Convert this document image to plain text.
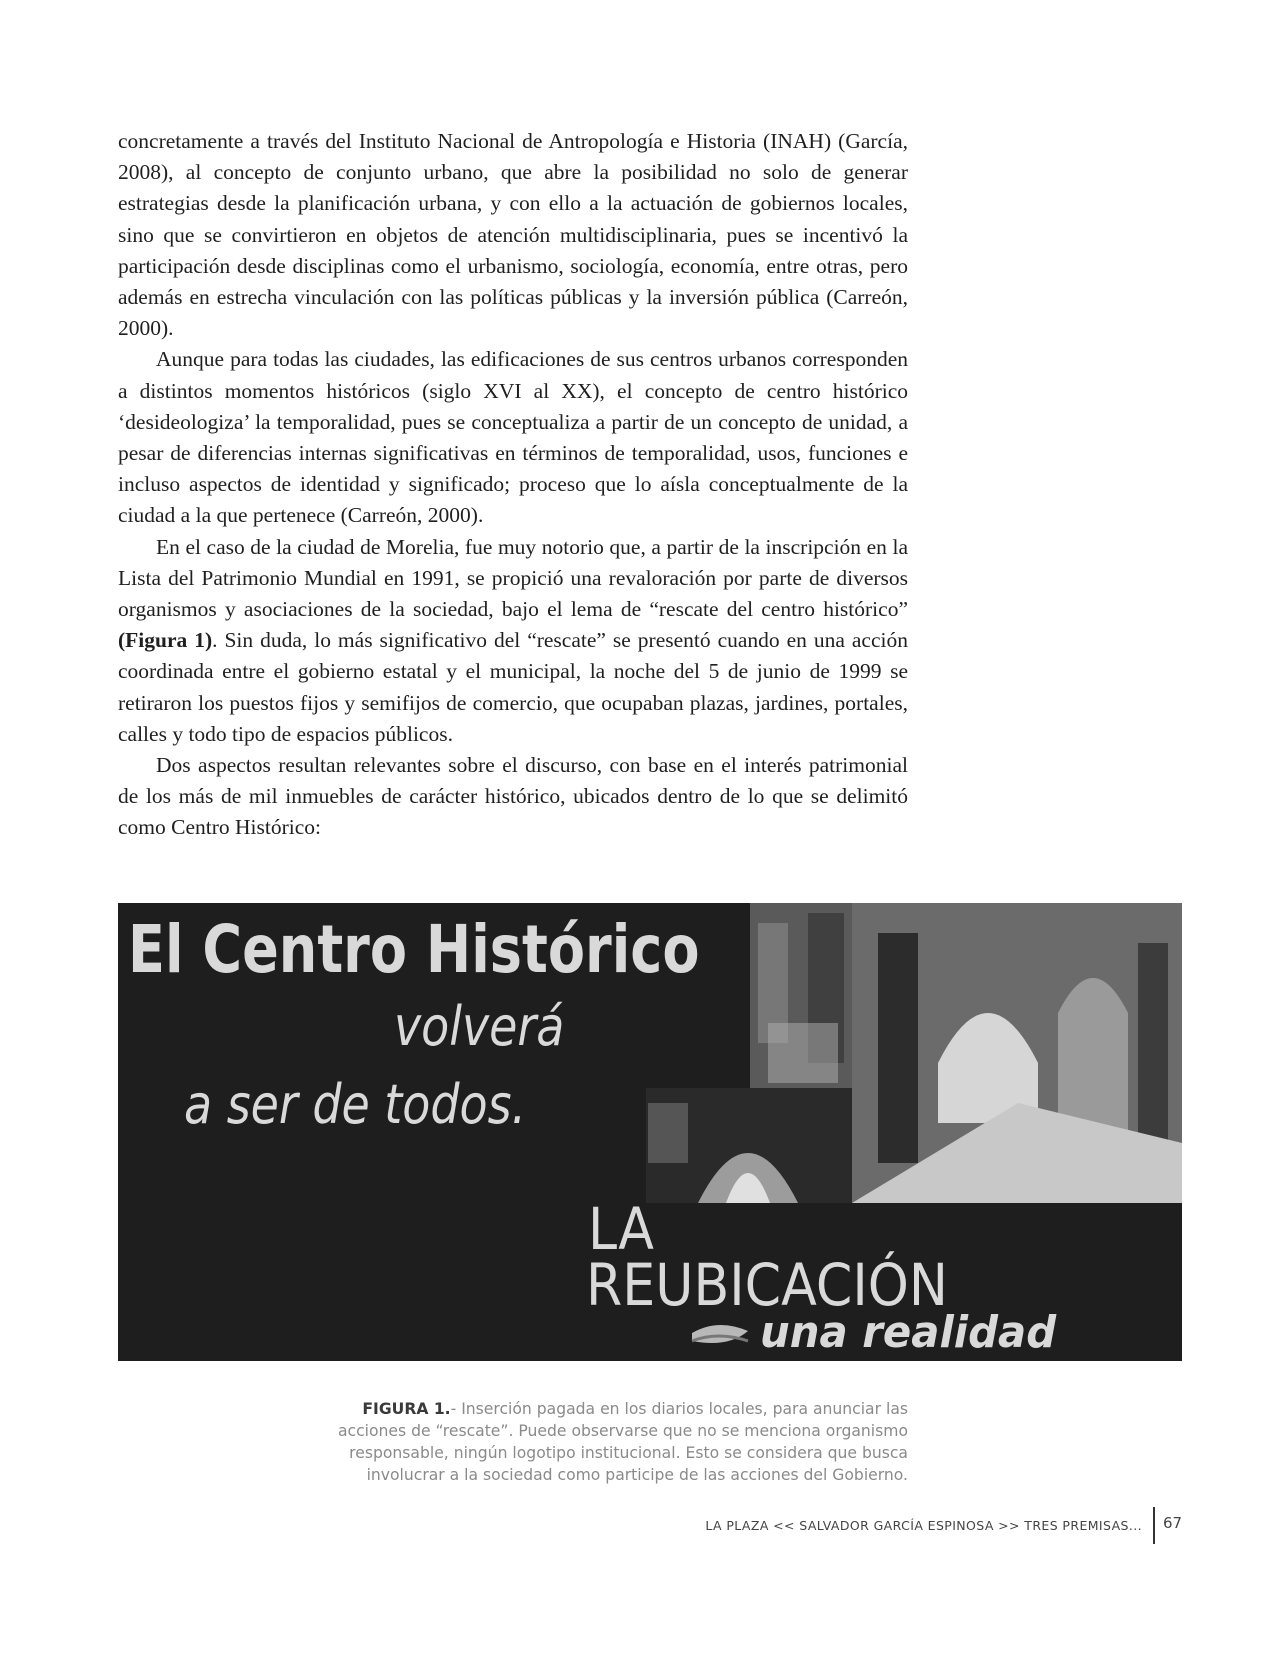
concretamente a través del Instituto Nacional de Antropología e Historia (INAH) (García, 2008), al concepto de conjunto urbano, que abre la posibilidad no solo de generar estrategias desde la planificación urbana, y con ello a la actuación de gobiernos locales, sino que se convirtieron en objetos de atención multidisciplinaria, pues se incentivó la participación desde disciplinas como el urbanismo, sociología, economía, entre otras, pero además en estrecha vinculación con las políticas públicas y la inversión pública (Carreón, 2000).

Aunque para todas las ciudades, las edificaciones de sus centros urbanos corresponden a distintos momentos históricos (siglo XVI al XX), el concepto de centro histórico ‘desideologiza’ la temporalidad, pues se conceptualiza a partir de un concepto de unidad, a pesar de diferencias internas significativas en términos de temporalidad, usos, funciones e incluso aspectos de identidad y significado; proceso que lo aísla conceptualmente de la ciudad a la que pertenece (Carreón, 2000).

En el caso de la ciudad de Morelia, fue muy notorio que, a partir de la inscripción en la Lista del Patrimonio Mundial en 1991, se propició una revaloración por parte de diversos organismos y asociaciones de la sociedad, bajo el lema de “rescate del centro histórico” (Figura 1). Sin duda, lo más significativo del “rescate” se presentó cuando en una acción coordinada entre el gobierno estatal y el municipal, la noche del 5 de junio de 1999 se retiraron los puestos fijos y semifijos de comercio, que ocupaban plazas, jardines, portales, calles y todo tipo de espacios públicos.

Dos aspectos resultan relevantes sobre el discurso, con base en el interés patrimonial de los más de mil inmuebles de carácter histórico, ubicados dentro de lo que se delimitó como Centro Histórico:

El Centro Histórico
volverá
a ser de todos.
LA
REUBICACIÓN
una realidad
FIGURA 1.- Inserción pagada en los diarios locales, para anunciar las acciones de “rescate”. Puede observarse que no se menciona organismo responsable, ningún logotipo institucional. Esto se considera que busca involucrar a la sociedad como participe de las acciones del Gobierno.
LA PLAZA << SALVADOR GARCÍA ESPINOSA >> TRES PREMISAS... 67
